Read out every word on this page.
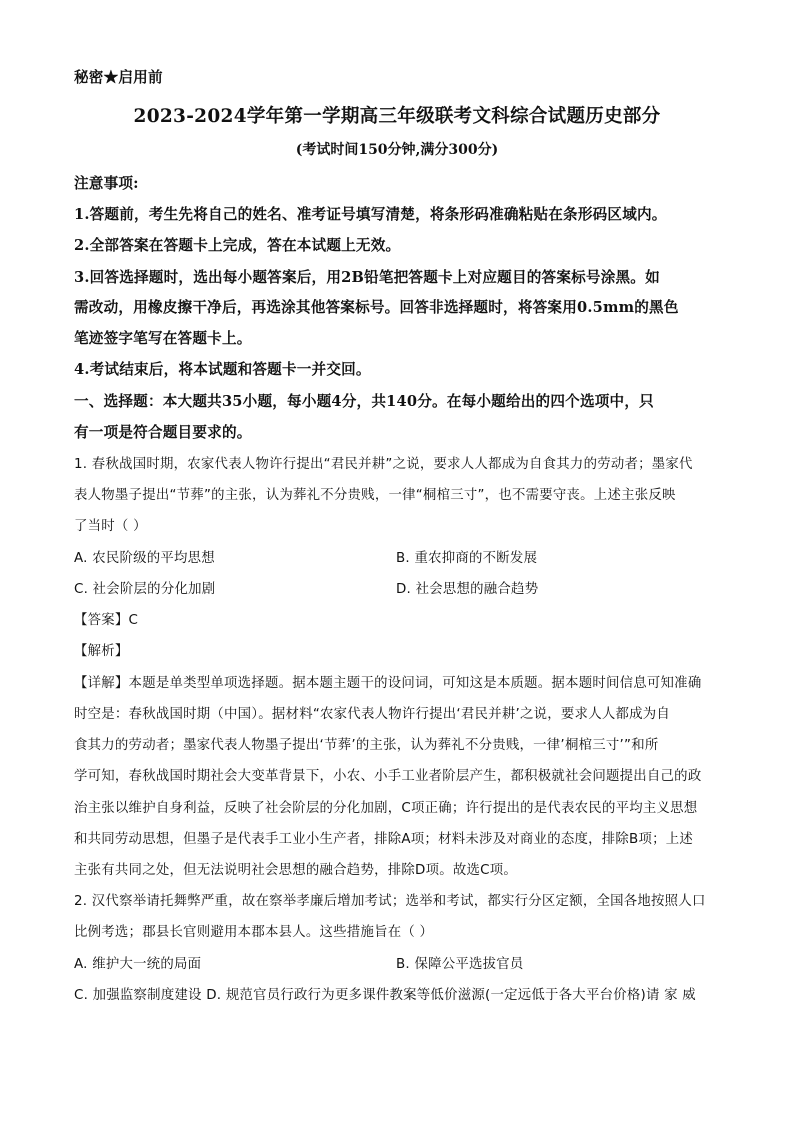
秘密★启用前
2023-2024学年第一学期高三年级联考文科综合试题历史部分
(考试时间150分钟,满分300分)
注意事项:
1.答题前，考生先将自己的姓名、准考证号填写清楚，将条形码准确粘贴在条形码区域内。
2.全部答案在答题卡上完成，答在本试题上无效。
3.回答选择题时，选出每小题答案后，用2B铅笔把答题卡上对应题目的答案标号涂黑。如
需改动，用橡皮擦干净后，再选涂其他答案标号。回答非选择题时，将答案用0.5mm的黑色
笔迹签字笔写在答题卡上。
4.考试结束后，将本试题和答题卡一并交回。
一、选择题：本大题共35小题，每小题4分，共140分。在每小题给出的四个选项中，只
有一项是符合题目要求的。
1. 春秋战国时期，农家代表人物许行提出“君民并耕”之说，要求人人都成为自食其力的劳动者；墨家代
表人物墨子提出“节葬”的主张，认为葬礼不分贵贱，一律“桐棺三寸”，也不需要守丧。上述主张反映
了当时（ ）
A. 农民阶级的平均思想	B. 重农抑商的不断发展
C. 社会阶层的分化加剧	D. 社会思想的融合趋势
【答案】C
【解析】
【详解】本题是单类型单项选择题。据本题主题干的设问词，可知这是本质题。据本题时间信息可知准确
时空是：春秋战国时期（中国）。据材料“农家代表人物许行提出‘君民并耕’之说，要求人人都成为自
食其力的劳动者；墨家代表人物墨子提出‘节葬’的主张，认为葬礼不分贵贱，一律’桐棺三寸’”和所
学可知，春秋战国时期社会大变革背景下，小农、小手工业者阶层产生，都积极就社会问题提出自己的政
治主张以维护自身利益，反映了社会阶层的分化加剧，C项正确；许行提出的是代表农民的平均主义思想
和共同劳动思想，但墨子是代表手工业小生产者，排除A项；材料未涉及对商业的态度，排除B项；上述
主张有共同之处，但无法说明社会思想的融合趋势，排除D项。故选C项。
2. 汉代察举请托舞弊严重，故在察举孝廉后增加考试；选举和考试，都实行分区定额，全国各地按照人口
比例考选；郡县长官则避用本郡本县人。这些措施旨在（ ）
A. 维护大一统的局面	B. 保障公平选拔官员
C. 加强监察制度建设 D. 规范官员行政行为更多课件教案等低价滋源(一定远低于各大平台价格)请 家 威
